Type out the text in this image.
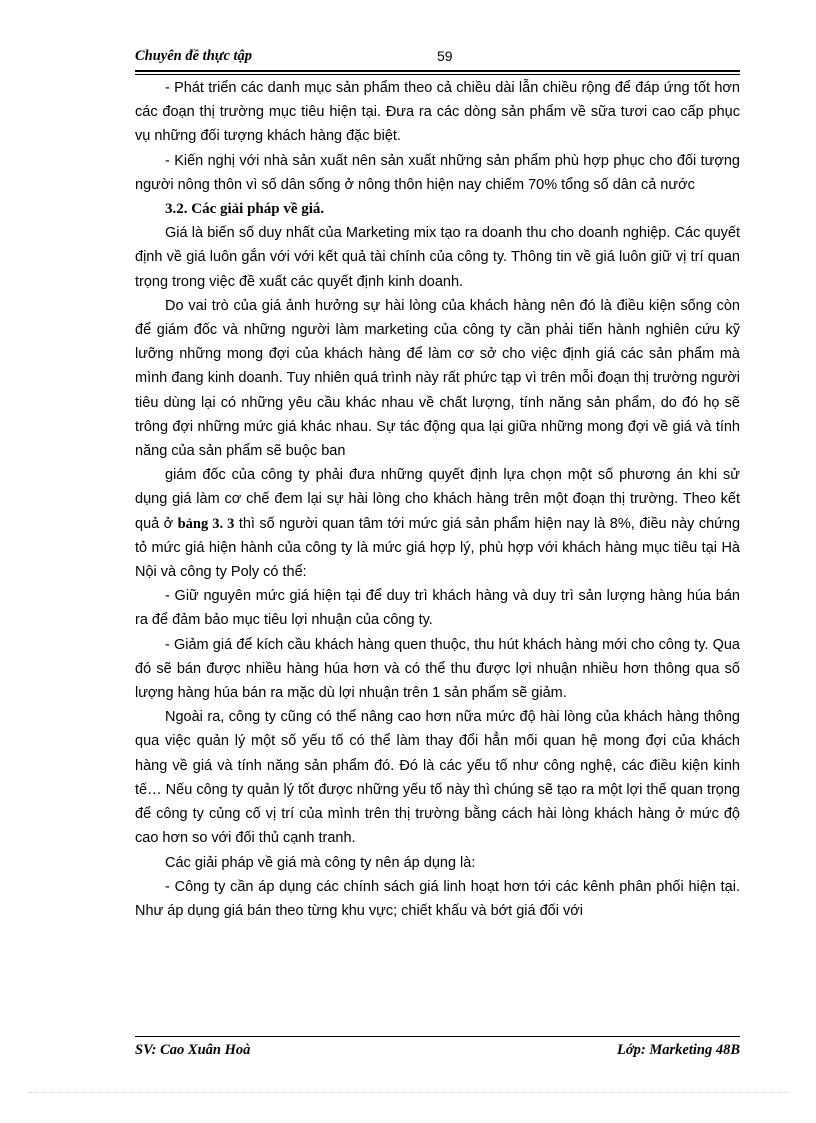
Chuyên đề thực tập	59

- Phát triển các danh mục sản phẩm theo cả chiều dài lẫn chiều rộng để đáp ứng tốt hơn các đoạn thị trường mục tiêu hiện tại. Đưa ra các dòng sản phẩm về sữa tươi cao cấp phục vụ những đối tượng khách hàng đặc biệt.

- Kiến nghị với nhà sản xuất nên sản xuất những sản phẩm phù hợp phục cho đối tượng người nông thôn vì số dân sống ở nông thôn hiện nay chiếm 70% tổng số dân cả nước

3.2. Các giải pháp về giá.

Giá là biến số duy nhất của Marketing mix tạo ra doanh thu cho doanh nghiệp. Các quyết định về giá luôn gắn với với kết quả tài chính của công ty. Thông tin về giá luôn giữ vị trí quan trọng trong việc đề xuất các quyết định kinh doanh.

Do vai trò của giá ảnh hưởng sự hài lòng của khách hàng nên đó là điều kiện sống còn để giám đốc và những người làm marketing của công ty cần phải tiến hành nghiên cứu kỹ lưỡng những mong đợi của khách hàng để làm cơ sở cho việc định giá các sản phẩm mà mình đang kinh doanh. Tuy nhiên quá trình này rất phức tạp vì trên mỗi đoạn thị trường người tiêu dùng lại có những yêu cầu khác nhau về chất lượng, tính năng sản phẩm, do đó họ sẽ trông đợi những mức giá khác nhau. Sự tác động qua lại giữa những mong đợi về giá và tính năng của sản phẩm sẽ buộc ban

giám đốc của công ty phải đưa những quyết định lựa chọn một số phương án khi sử dụng giá làm cơ chế đem lại sự hài lòng cho khách hàng trên một đoạn thị trường. Theo kết quả ở bảng 3. 3 thì số người quan tâm tới mức giá sản phẩm hiện nay là 8%, điều này chứng tỏ mức giá hiện hành của công ty là mức giá hợp lý, phù hợp với khách hàng mục tiêu tại Hà Nội và công ty Poly có thể:

- Giữ nguyên mức giá hiện tại để duy trì khách hàng và duy trì sản lượng hàng húa bán ra để đảm bảo mục tiêu lợi nhuận của công ty.

- Giảm giá để kích cầu khách hàng quen thuộc, thu hút khách hàng mới cho công ty. Qua đó sẽ bán được nhiều hàng húa hơn và có thể thu được lợi nhuận nhiều hơn thông qua số lượng hàng húa bán ra mặc dù lợi nhuận trên 1 sản phẩm sẽ giảm.

Ngoài ra, công ty cũng có thể nâng cao hơn nữa mức độ hài lòng của khách hàng thông qua việc quản lý một số yếu tố có thể làm thay đổi hẳn mối quan hệ mong đợi của khách hàng về giá và tính năng sản phẩm đó. Đó là các yếu tố như công nghệ, các điều kiện kinh tế… Nếu công ty quản lý tốt được những yếu tố này thì chúng sẽ tạo ra một lợi thế quan trọng để công ty củng cố vị trí của mình trên thị trường bằng cách hài lòng khách hàng ở mức độ cao hơn so với đối thủ cạnh tranh.

Các giải pháp về giá mà công ty nên áp dụng là:

- Công ty cần áp dụng các chính sách giá linh hoạt hơn tới các kênh phân phối hiện tại. Như áp dụng giá bán theo từng khu vực; chiết khấu và bớt giá đối với

SV: Cao Xuân Hoà	Lớp: Marketing 48B
